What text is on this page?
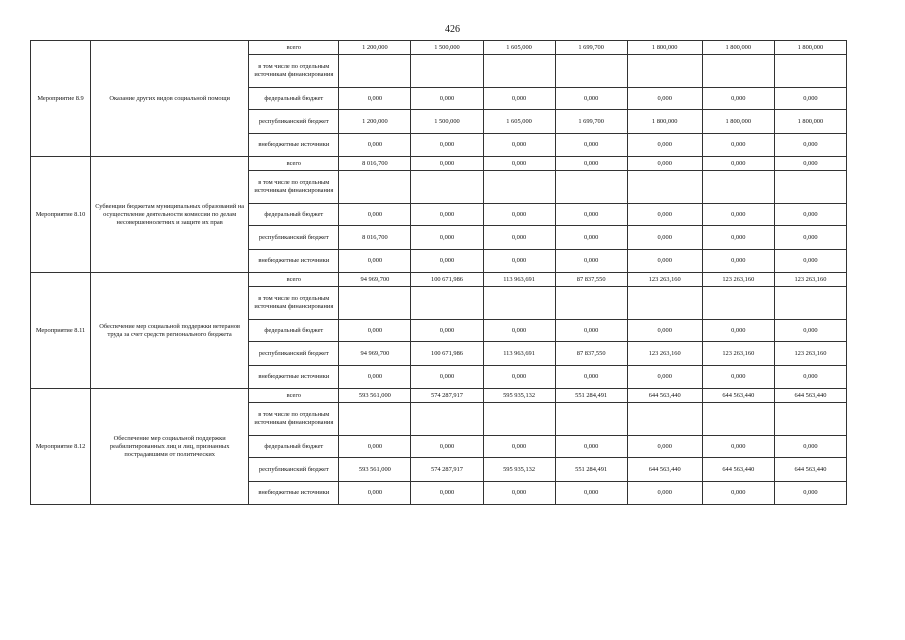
426
Мероприятие 8.9	Оказание других видов социальной помощи	всего	1 200,000	1 500,000	1 605,000	1 699,700	1 800,000	1 800,000	1 800,000
		в том числе по отдельным источникам финансирования							
		федеральный бюджет	0,000	0,000	0,000	0,000	0,000	0,000	0,000
		республиканский бюджет	1 200,000	1 500,000	1 605,000	1 699,700	1 800,000	1 800,000	1 800,000
		внебюджетные источники	0,000	0,000	0,000	0,000	0,000	0,000	0,000
Мероприятие 8.10	Субвенции бюджетам муниципальных образований на осуществление деятельности комиссии по делам несовершеннолетних и защите их прав	всего	8 016,700	0,000	0,000	0,000	0,000	0,000	0,000
		в том числе по отдельным источникам финансирования							
		федеральный бюджет	0,000	0,000	0,000	0,000	0,000	0,000	0,000
		республиканский бюджет	8 016,700	0,000	0,000	0,000	0,000	0,000	0,000
		внебюджетные источники	0,000	0,000	0,000	0,000	0,000	0,000	0,000
Мероприятие 8.11	Обеспечение мер социальной поддержки ветеранов труда за счет средств регионального бюджета	всего	94 969,700	100 671,986	113 963,691	87 837,550	123 263,160	123 263,160	123 263,160
		в том числе по отдельным источникам финансирования							
		федеральный бюджет	0,000	0,000	0,000	0,000	0,000	0,000	0,000
		республиканский бюджет	94 969,700	100 671,986	113 963,691	87 837,550	123 263,160	123 263,160	123 263,160
		внебюджетные источники	0,000	0,000	0,000	0,000	0,000	0,000	0,000
Мероприятие 8.12	Обеспечение мер социальной поддержки реабилитированных лиц и лиц, признанных пострадавшими от политических	всего	593 561,000	574 287,917	595 935,132	551 284,491	644 563,440	644 563,440	644 563,440
		в том числе по отдельным источникам финансирования							
		федеральный бюджет	0,000	0,000	0,000	0,000	0,000	0,000	0,000
		республиканский бюджет	593 561,000	574 287,917	595 935,132	551 284,491	644 563,440	644 563,440	644 563,440
		внебюджетные источники	0,000	0,000	0,000	0,000	0,000	0,000	0,000
